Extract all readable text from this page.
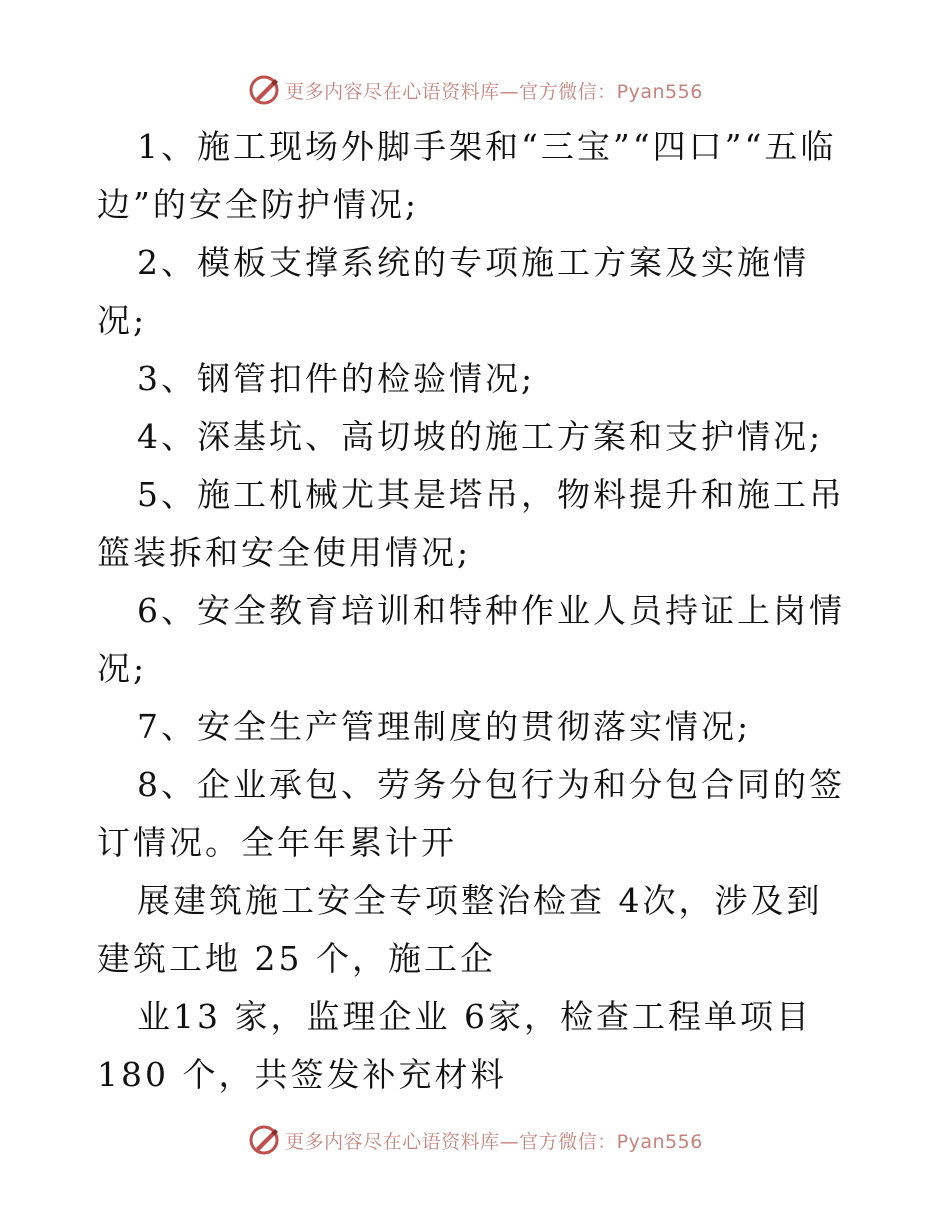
更多内容尽在心语资料库—官方微信：Pyan556

1、施工现场外脚手架和“三宝”“四口”“五临边”的安全防护情况;

2、模板支撑系统的专项施工方案及实施情况;

3、钢管扣件的检验情况;

4、深基坑、高切坡的施工方案和支护情况;

5、施工机械尤其是塔吊，物料提升和施工吊篮装拆和安全使用情况;

6、安全教育培训和特种作业人员持证上岗情况;

7、安全生产管理制度的贯彻落实情况;

8、企业承包、劳务分包行为和分包合同的签订情况。全年年累计开

展建筑施工安全专项整治检查 4次，涉及到建筑工地 25 个，施工企

业13 家，监理企业 6家，检查工程单项目 180 个，共签发补充材料

更多内容尽在心语资料库—官方微信：Pyan556
